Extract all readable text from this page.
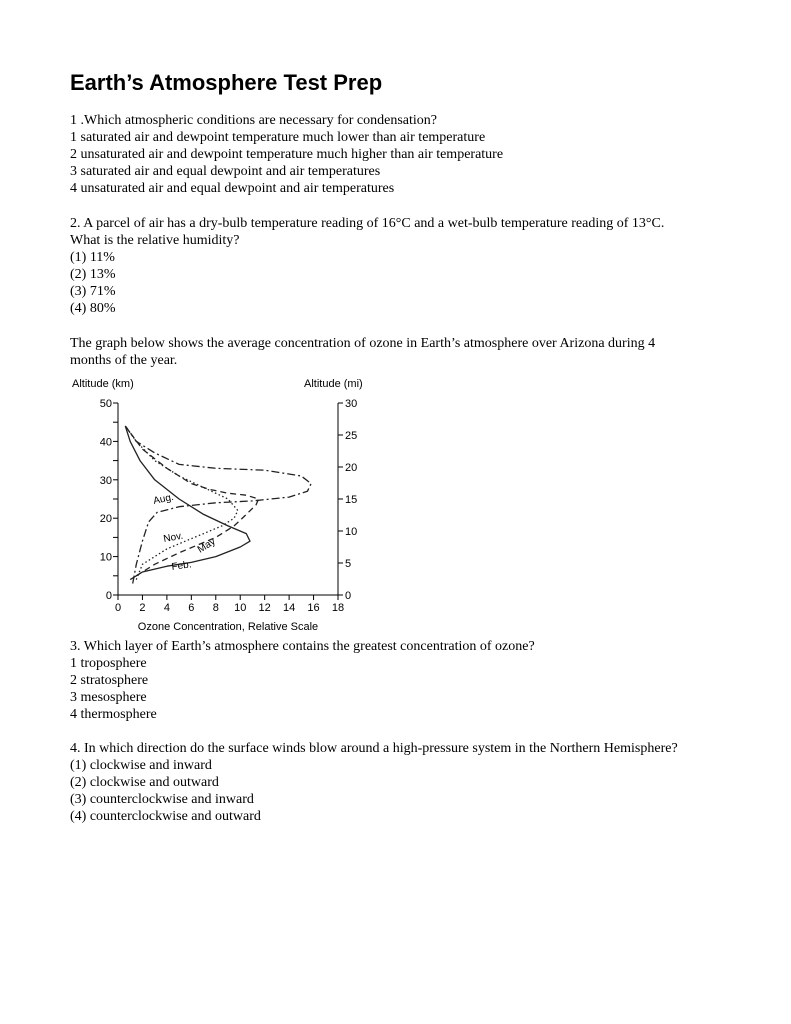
Earth’s Atmosphere Test Prep

1 .Which atmospheric conditions are necessary for condensation?

1 saturated air and dewpoint temperature much lower than air temperature

2 unsaturated air and dewpoint temperature much higher than air temperature

3 saturated air and equal dewpoint and air temperatures

4 unsaturated air and equal dewpoint and air temperatures

2. A parcel of air has a dry-bulb temperature reading of 16°C and a wet-bulb temperature reading of 13°C.

What is the relative humidity?

(1) 11%

(2) 13%

(3) 71%

(4) 80%

The graph below shows the average concentration of ozone in Earth’s atmosphere over Arizona during 4

months of the year.

Altitude (km)	Altitude (mi)
Ozone Concentration, Relative Scale
0 2 4 6 8 10 12 14 16 18
0
10
20
30
40
50
0
5
10
15
20
25
30
Aug.
Nov. May
Feb.

3. Which layer of Earth’s atmosphere contains the greatest concentration of ozone?

1 troposphere

2 stratosphere

3 mesosphere

4 thermosphere

4. In which direction do the surface winds blow around a high-pressure system in the Northern Hemisphere?

(1) clockwise and inward

(2) clockwise and outward

(3) counterclockwise and inward

(4) counterclockwise and outward
